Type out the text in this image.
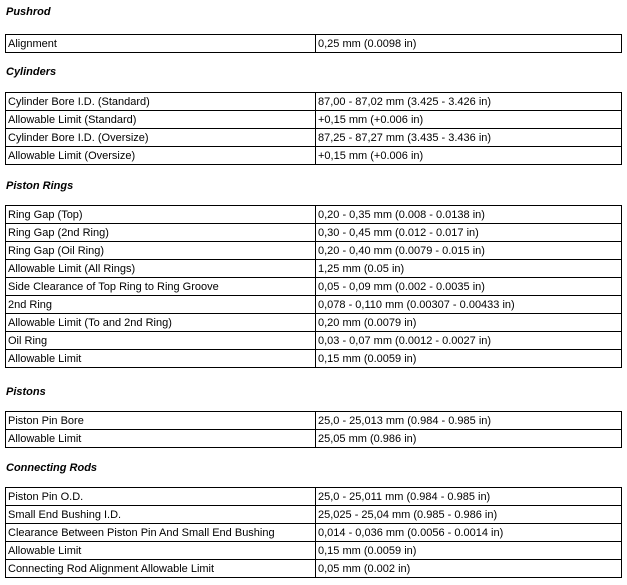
Pushrod
Alignment	0,25 mm (0.0098 in)
Cylinders
Cylinder Bore I.D. (Standard)	87,00 - 87,02 mm (3.425 - 3.426 in)
Allowable Limit (Standard)	+0,15 mm (+0.006 in)
Cylinder Bore I.D. (Oversize)	87,25 - 87,27 mm (3.435 - 3.436 in)
Allowable Limit (Oversize)	+0,15 mm (+0.006 in)
Piston Rings
Ring Gap (Top)	0,20 - 0,35 mm (0.008 - 0.0138 in)
Ring Gap (2nd Ring)	0,30 - 0,45 mm (0.012 - 0.017 in)
Ring Gap (Oil Ring)	0,20 - 0,40 mm (0.0079 - 0.015 in)
Allowable Limit (All Rings)	1,25 mm (0.05 in)
Side Clearance of Top Ring to Ring Groove	0,05 - 0,09 mm (0.002 - 0.0035 in)
2nd Ring	0,078 - 0,110 mm (0.00307 - 0.00433 in)
Allowable Limit (To and 2nd Ring)	0,20 mm (0.0079 in)
Oil Ring	0,03 - 0,07 mm (0.0012 - 0.0027 in)
Allowable Limit	0,15 mm (0.0059 in)
Pistons
Piston Pin Bore	25,0 - 25,013 mm (0.984 - 0.985 in)
Allowable Limit	25,05 mm (0.986 in)
Connecting Rods
Piston Pin O.D.	25,0 - 25,011 mm (0.984 - 0.985 in)
Small End Bushing I.D.	25,025 - 25,04 mm (0.985 - 0.986 in)
Clearance Between Piston Pin And Small End Bushing	0,014 - 0,036 mm (0.0056 - 0.0014 in)
Allowable Limit	0,15 mm (0.0059 in)
Connecting Rod Alignment Allowable Limit	0,05 mm (0.002 in)
